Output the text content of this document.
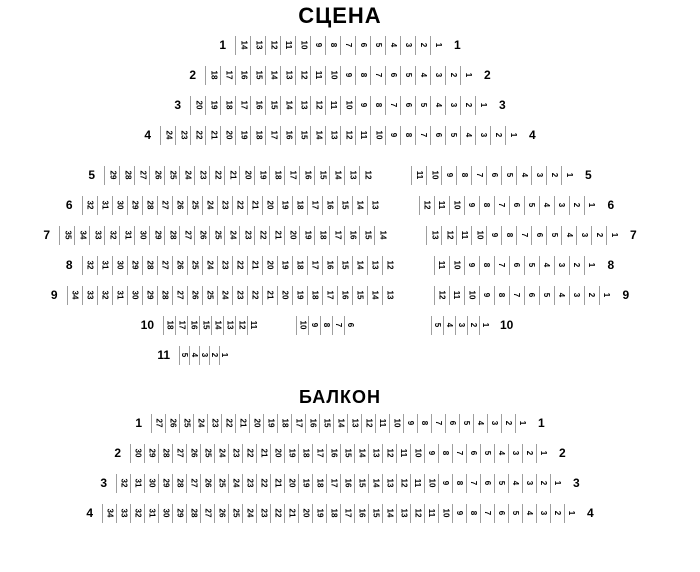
СЦЕНА
1 14 13 12 11 10 9 8 7 6 5 4 3 2 1 1
2 18 17 16 15 14 13 12 11 10 9 8 7 6 5 4 3 2 1 2
3 20 19 18 17 16 15 14 13 12 11 10 9 8 7 6 5 4 3 2 1 3
4 24 23 22 21 20 19 18 17 16 15 14 13 12 11 10 9 8 7 6 5 4 3 2 1 4
5 29 28 27 26 25 24 23 22 21 20 19 18 17 16 15 14 13 12	11 10 9 8 7 6 5 4 3 2 1 5
6 32 31 30 29 28 27 26 25 24 23 22 21 20 19 18 17 16 15 14 13	12 11 10 9 8 7 6 5 4 3 2 1 6
7 35 34 33 32 31 30 29 28 27 26 25 24 23 22 21 20 19 18 17 16 15 14	13 12 11 10 9 8 7 6 5 4 3 2 1 7
8 32 31 30 29 28 27 26 25 24 23 22 21 20 19 18 17 16 15 14 13 12	11 10 9 8 7 6 5 4 3 2 1 8
9 34 33 32 31 30 29 28 27 26 25 24 23 22 21 20 19 18 17 16 15 14 13	12 11 10 9 8 7 6 5 4 3 2 1 9
10 18 17 16 15 14 13 12 11	10 9 8 7 6	5 4 3 2 1 10
11 5 4 3 2 1
БАЛКОН
1 27 26 25 24 23 22 21 20 19 18 17 16 15 14 13 12 11 10 9 8 7 6 5 4 3 2 1 1
2 30 29 28 27 26 25 24 23 22 21 20 19 18 17 16 15 14 13 12 11 10 9 8 7 6 5 4 3 2 1 2
3 32 31 30 29 28 27 26 25 24 23 22 21 20 19 18 17 16 15 14 13 12 11 10 9 8 7 6 5 4 3 2 1 3
4 34 33 32 31 30 29 28 27 26 25 24 23 22 21 20 19 18 17 16 15 14 13 12 11 10 9 8 7 6 5 4 3 2 1 4
